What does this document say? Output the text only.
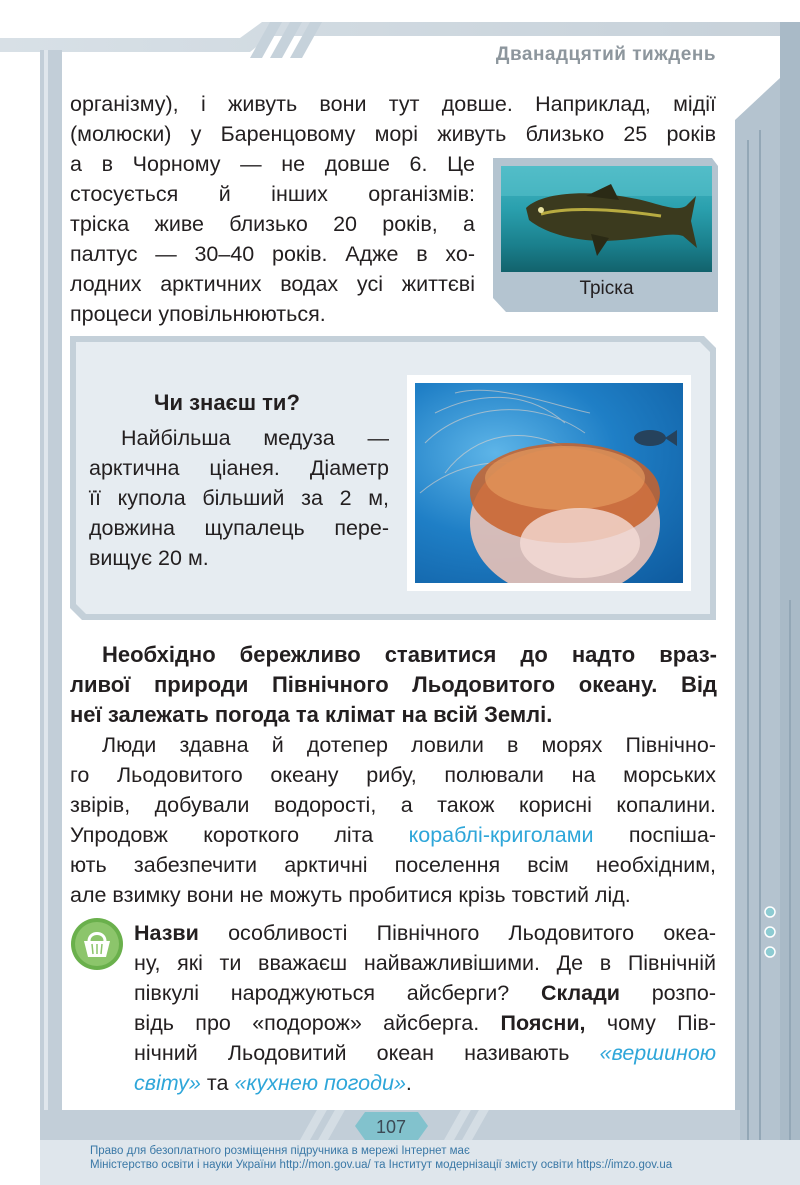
Дванадцятий тиждень
організму), і живуть вони тут довше. Наприклад, мідії
(молюски) у Баренцовому морі живуть близько 25 років
а в Чорному — не довше 6. Це
стосується й інших організмів:
тріска живе близько 20 років, а
палтус — 30–40 років. Адже в хо-
лодних арктичних водах усі життєві
процеси уповільнюються.
Тріска
Чи знаєш ти?
Найбільша медуза —
арктична ціанея. Діаметр
її купола більший за 2 м,
довжина щупалець пере-
вищує 20 м.
Необхідно бережливо ставитися до надто враз-
ливої природи Північного Льодовитого океану. Від
неї залежать погода та клімат на всій Землі.
Люди здавна й дотепер ловили в морях Північно-
го Льодовитого океану рибу, полювали на морських
звірів, добували водорості, а також корисні копалини.
Упродовж короткого літа кораблі-криголами поспіша-
ють забезпечити арктичні поселення всім необхідним,
але взимку вони не можуть пробитися крізь товстий лід.
Назви особливості Північного Льодовитого океа-
ну, які ти вважаєш найважливішими. Де в Північній
півкулі народжуються айсберги? Склади розпо-
відь про «подорож» айсберга. Поясни, чому Пів-
нічний Льодовитий океан називають «вершиною
світу» та «кухнею погоди».
107
Право для безоплатного розміщення підручника в мережі Інтернет має
Міністерство освіти і науки України http://mon.gov.ua/ та Інститут модернізації змісту освіти https://imzo.gov.ua
